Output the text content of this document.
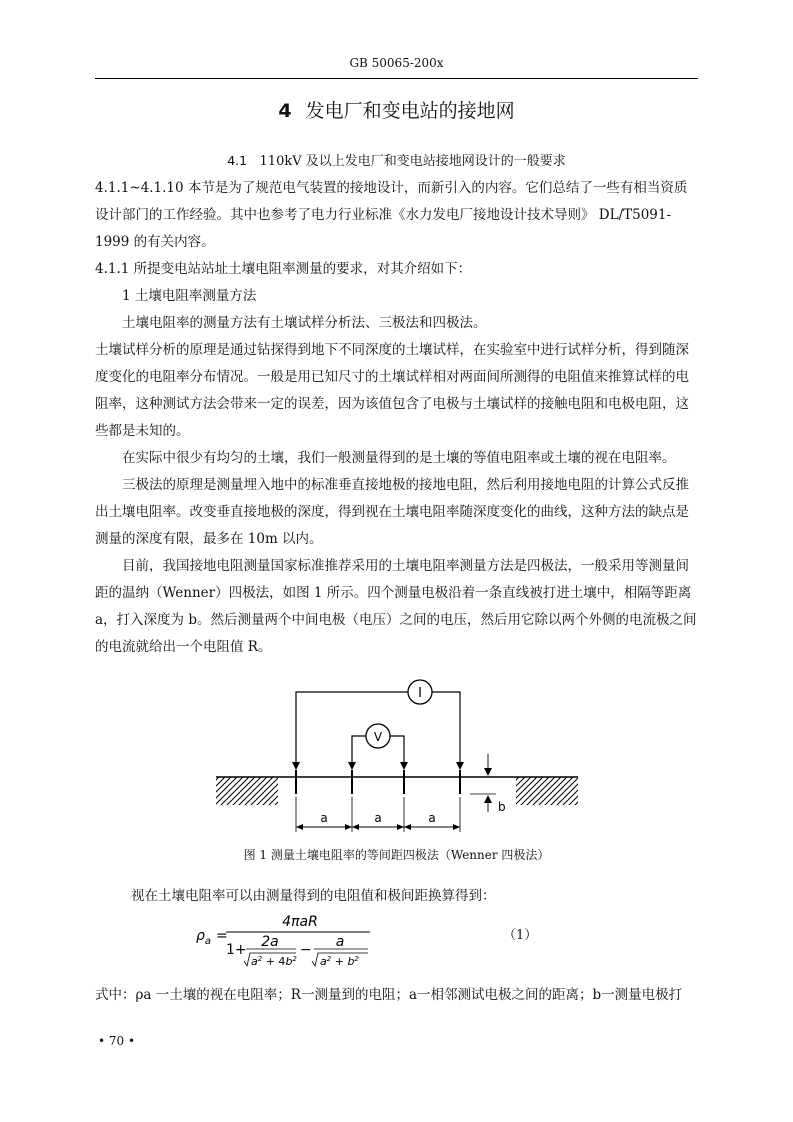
GB 50065-200x
4 发电厂和变电站的接地网
4.1 110kV 及以上发电厂和变电站接地网设计的一般要求

4.1.1~4.1.10 本节是为了规范电气装置的接地设计，而新引入的内容。它们总结了一些有相当资质设计部门的工作经验。其中也参考了电力行业标准《水力发电厂接地设计技术导则》 DL/T5091-1999 的有关内容。

4.1.1 所提变电站站址土壤电阻率测量的要求，对其介绍如下：

1 土壤电阻率测量方法

土壤电阻率的测量方法有土壤试样分析法、三极法和四极法。

土壤试样分析的原理是通过钻探得到地下不同深度的土壤试样，在实验室中进行试样分析，得到随深度变化的电阻率分布情况。一般是用已知尺寸的土壤试样相对两面间所测得的电阻值来推算试样的电阻率，这种测试方法会带来一定的误差，因为该值包含了电极与土壤试样的接触电阻和电极电阻，这些都是未知的。

在实际中很少有均匀的土壤，我们一般测量得到的是土壤的等值电阻率或土壤的视在电阻率。

三极法的原理是测量埋入地中的标准垂直接地极的接地电阻，然后利用接地电阻的计算公式反推出土壤电阻率。改变垂直接地极的深度，得到视在土壤电阻率随深度变化的曲线，这种方法的缺点是测量的深度有限，最多在 10m 以内。

目前，我国接地电阻测量国家标准推荐采用的土壤电阻率测量方法是四极法，一般采用等测量间距的温纳（Wenner）四极法，如图 1 所示。四个测量电极沿着一条直线被打进土壤中，相隔等距离 a，打入深度为 b。然后测量两个中间电极（电压）之间的电压，然后用它除以两个外侧的电流极之间的电流就给出一个电阻值 R。

I
V
a	a	a
b
图 1 测量土壤电阻率的等间距四极法（Wenner 四极法）
视在土壤电阻率可以由测量得到的电阻值和极间距换算得到：
$\rho_a$ =
4πaR
1+ 2a
$a^2 + 4b^2$
− a
$a^2 + b^2$
（1）
式中：ρa 一土壤的视在电阻率；R一测量到的电阻；a一相邻测试电极之间的距离；b一测量电极打
• 70 •
